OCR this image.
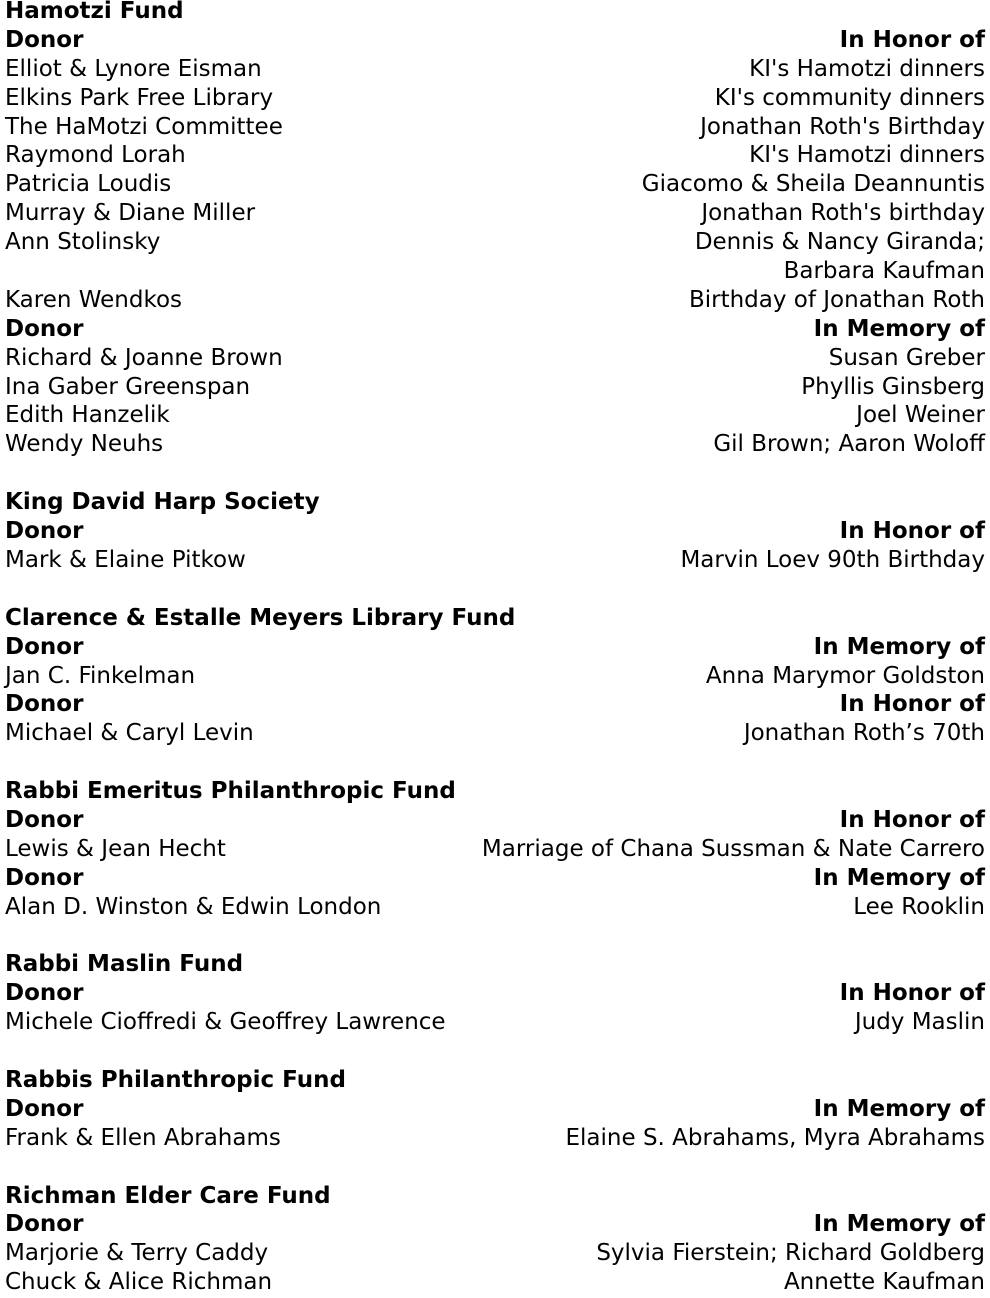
Hamotzi Fund
Donor	In Honor of
Elliot & Lynore Eisman	KI's Hamotzi dinners
Elkins Park Free Library	KI's community dinners
The HaMotzi Committee	Jonathan Roth's Birthday
Raymond Lorah	KI's Hamotzi dinners
Patricia Loudis	Giacomo & Sheila Deannuntis
Murray & Diane Miller	Jonathan Roth's birthday
Ann Stolinsky	Dennis & Nancy Giranda; Barbara Kaufman
Karen Wendkos	Birthday of Jonathan Roth
Donor	In Memory of
Richard & Joanne Brown	Susan Greber
Ina Gaber Greenspan	Phyllis Ginsberg
Edith Hanzelik	Joel Weiner
Wendy Neuhs	Gil Brown; Aaron Woloff
King David Harp Society
Donor	In Honor of
Mark & Elaine Pitkow	Marvin Loev 90th Birthday
Clarence & Estalle Meyers Library Fund
Donor	In Memory of
Jan C. Finkelman	Anna Marymor Goldston
Donor	In Honor of
Michael & Caryl Levin	Jonathan Roth’s 70th
Rabbi Emeritus Philanthropic Fund
Donor	In Honor of
Lewis & Jean Hecht	Marriage of Chana Sussman & Nate Carrero
Donor	In Memory of
Alan D. Winston & Edwin London	Lee Rooklin
Rabbi Maslin Fund
Donor	In Honor of
Michele Cioffredi & Geoffrey Lawrence	Judy Maslin
Rabbis Philanthropic Fund
Donor	In Memory of
Frank & Ellen Abrahams	Elaine S. Abrahams, Myra Abrahams
Richman Elder Care Fund
Donor	In Memory of
Marjorie & Terry Caddy	Sylvia Fierstein; Richard Goldberg
Chuck & Alice Richman	Annette Kaufman
